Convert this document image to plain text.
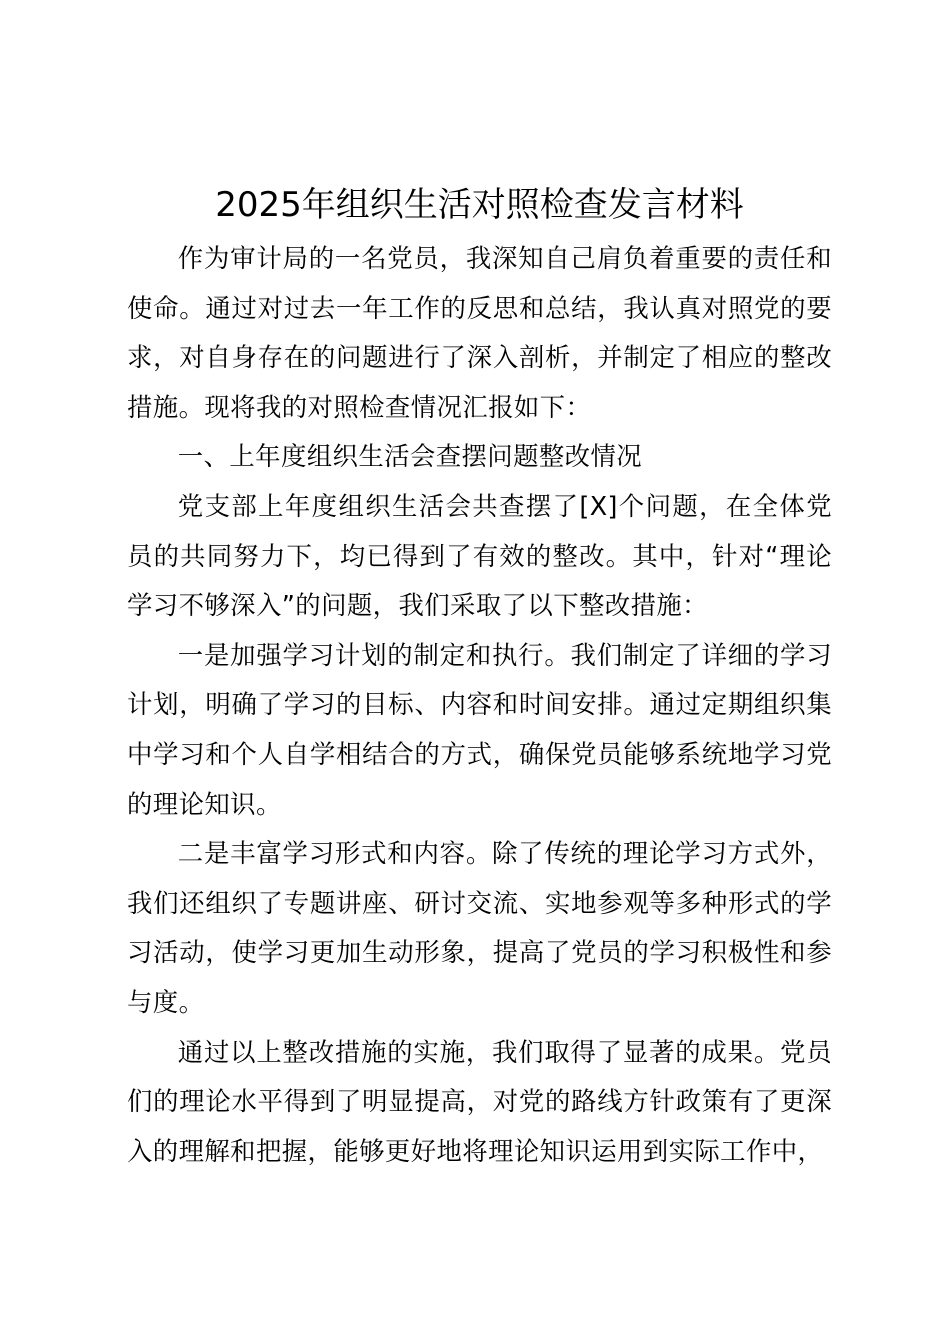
2025年组织生活对照检查发言材料

作为审计局的一名党员，我深知自己肩负着重要的责任和使命。通过对过去一年工作的反思和总结，我认真对照党的要求，对自身存在的问题进行了深入剖析，并制定了相应的整改措施。现将我的对照检查情况汇报如下：

一、上年度组织生活会查摆问题整改情况

党支部上年度组织生活会共查摆了[X]个问题，在全体党员的共同努力下，均已得到了有效的整改。其中，针对“理论学习不够深入”的问题，我们采取了以下整改措施：

一是加强学习计划的制定和执行。我们制定了详细的学习计划，明确了学习的目标、内容和时间安排。通过定期组织集中学习和个人自学相结合的方式，确保党员能够系统地学习党的理论知识。

二是丰富学习形式和内容。除了传统的理论学习方式外，我们还组织了专题讲座、研讨交流、实地参观等多种形式的学习活动，使学习更加生动形象，提高了党员的学习积极性和参与度。

通过以上整改措施的实施，我们取得了显著的成果。党员们的理论水平得到了明显提高，对党的路线方针政策有了更深入的理解和把握，能够更好地将理论知识运用到实际工作中，
